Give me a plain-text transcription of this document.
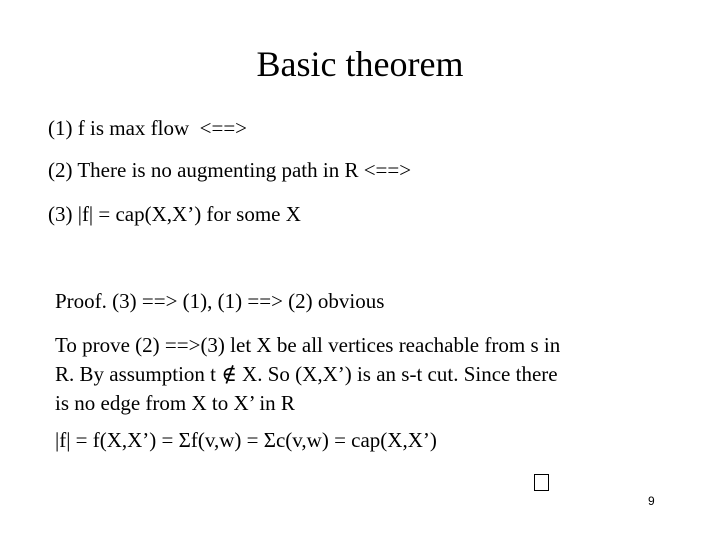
Basic theorem
(1) f is max flow  <==>
(2) There is no augmenting path in R <==>
(3) |f| = cap(X,X’) for some X
Proof. (3) ==> (1), (1) ==> (2) obvious
To prove (2) ==>(3) let X be all vertices reachable from s in
R. By assumption t ∉ X. So (X,X’) is an s-t cut. Since there
is no edge from X to X’ in R
|f| = f(X,X’) = Σf(v,w) = Σc(v,w) = cap(X,X’)
9
